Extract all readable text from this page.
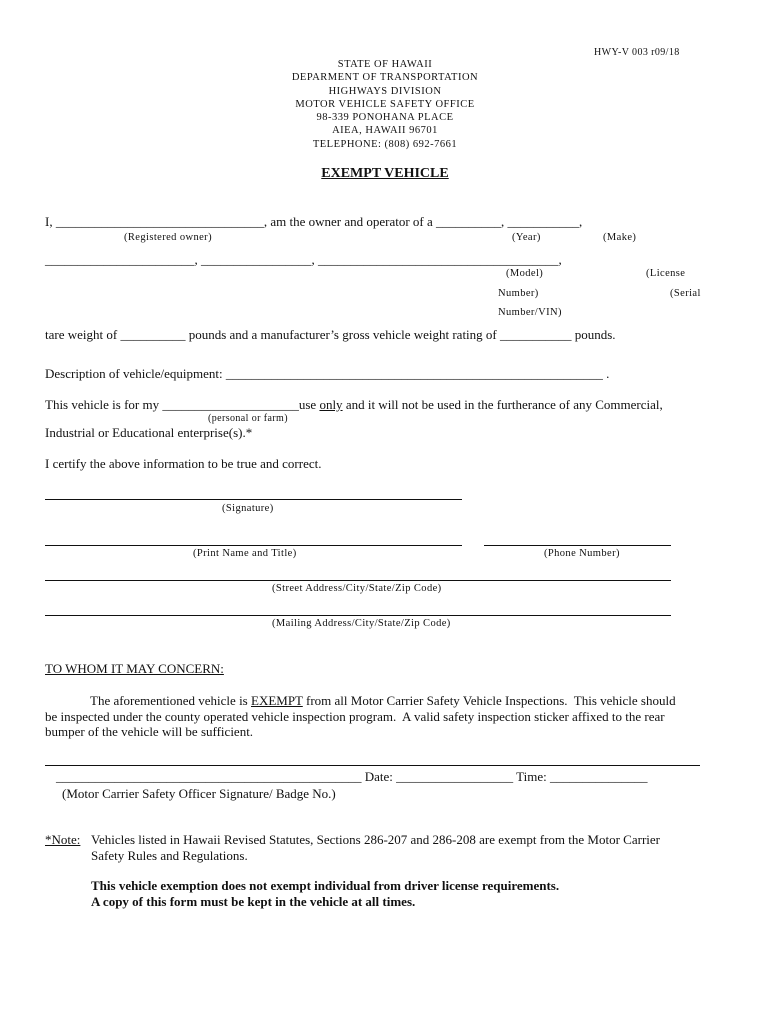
HWY-V 003 r09/18
STATE OF HAWAII
DEPARMENT OF TRANSPORTATION
HIGHWAYS DIVISION
MOTOR VEHICLE SAFETY OFFICE
98-339 PONOHANA PLACE
AIEA, HAWAII 96701
TELEPHONE: (808) 692-7661
EXEMPT VEHICLE
I, ________________________________, am the owner and operator of a __________, ___________,
(Registered owner)	(Year)	(Make)
_______________________, _________________, _____________________________________,
(Model)	(License
Number)	(Serial
Number/VIN)
tare weight of __________ pounds and a manufacturer’s gross vehicle weight rating of ___________ pounds.
Description of vehicle/equipment: __________________________________________________________ .
This vehicle is for my _____________________use only and it will not be used in the furtherance of any Commercial,
(personal or farm)
Industrial or Educational enterprise(s).*
I certify the above information to be true and correct.
(Signature)
(Print Name and Title)	(Phone Number)
(Street Address/City/State/Zip Code)
(Mailing Address/City/State/Zip Code)
TO WHOM IT MAY CONCERN:
The aforementioned vehicle is EXEMPT from all Motor Carrier Safety Vehicle Inspections.  This vehicle should
be inspected under the county operated vehicle inspection program.  A valid safety inspection sticker affixed to the rear
bumper of the vehicle will be sufficient.
_______________________________________________ Date: __________________ Time: _______________
(Motor Carrier Safety Officer Signature/ Badge No.)
*Note: Vehicles listed in Hawaii Revised Statutes, Sections 286-207 and 286-208 are exempt from the Motor Carrier
Safety Rules and Regulations.
This vehicle exemption does not exempt individual from driver license requirements.
A copy of this form must be kept in the vehicle at all times.
